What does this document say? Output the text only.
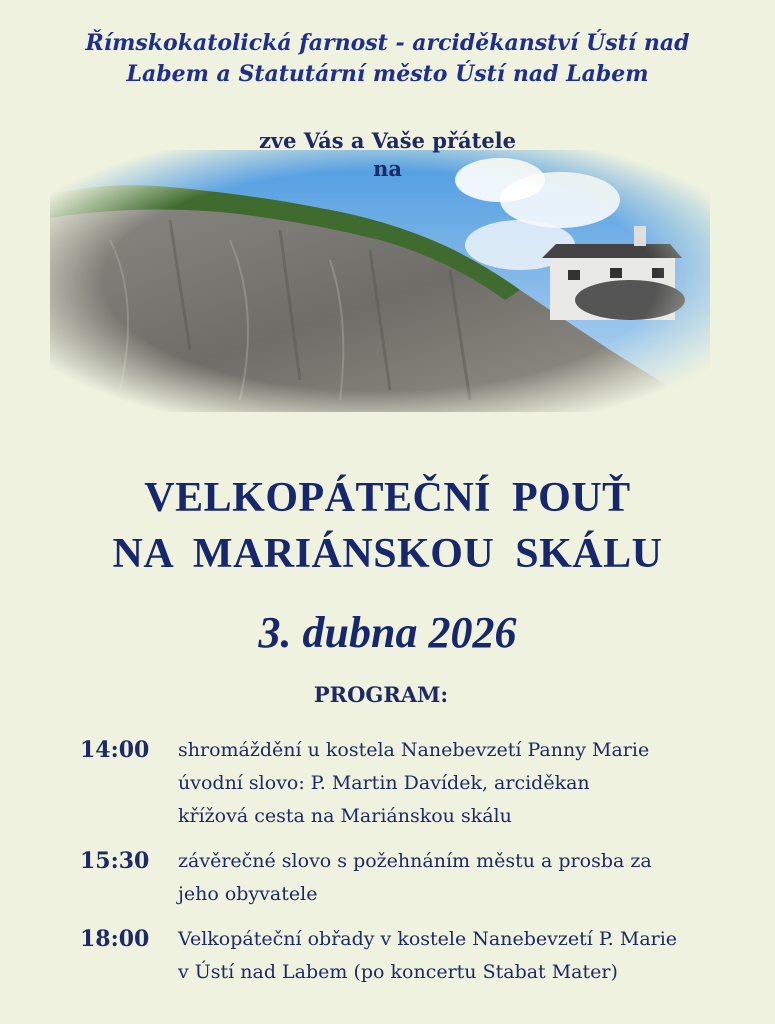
Římskokatolická farnost - arciděkanství Ústí nad
Labem a Statutární město Ústí nad Labem
zve Vás a Vaše přátele
na
VELKOPÁTEČNÍ POUŤ
NA MARIÁNSKOU SKÁLU
3. dubna 2026
PROGRAM:
14:00	shromáždění u kostela Nanebevzetí Panny Marie
úvodní slovo: P. Martin Davídek, arciděkan
křížová cesta na Mariánskou skálu
15:30	závěrečné slovo s požehnáním městu a prosba za
jeho obyvatele
18:00	Velkopáteční obřady v kostele Nanebevzetí P. Marie
v Ústí nad Labem (po koncertu Stabat Mater)
